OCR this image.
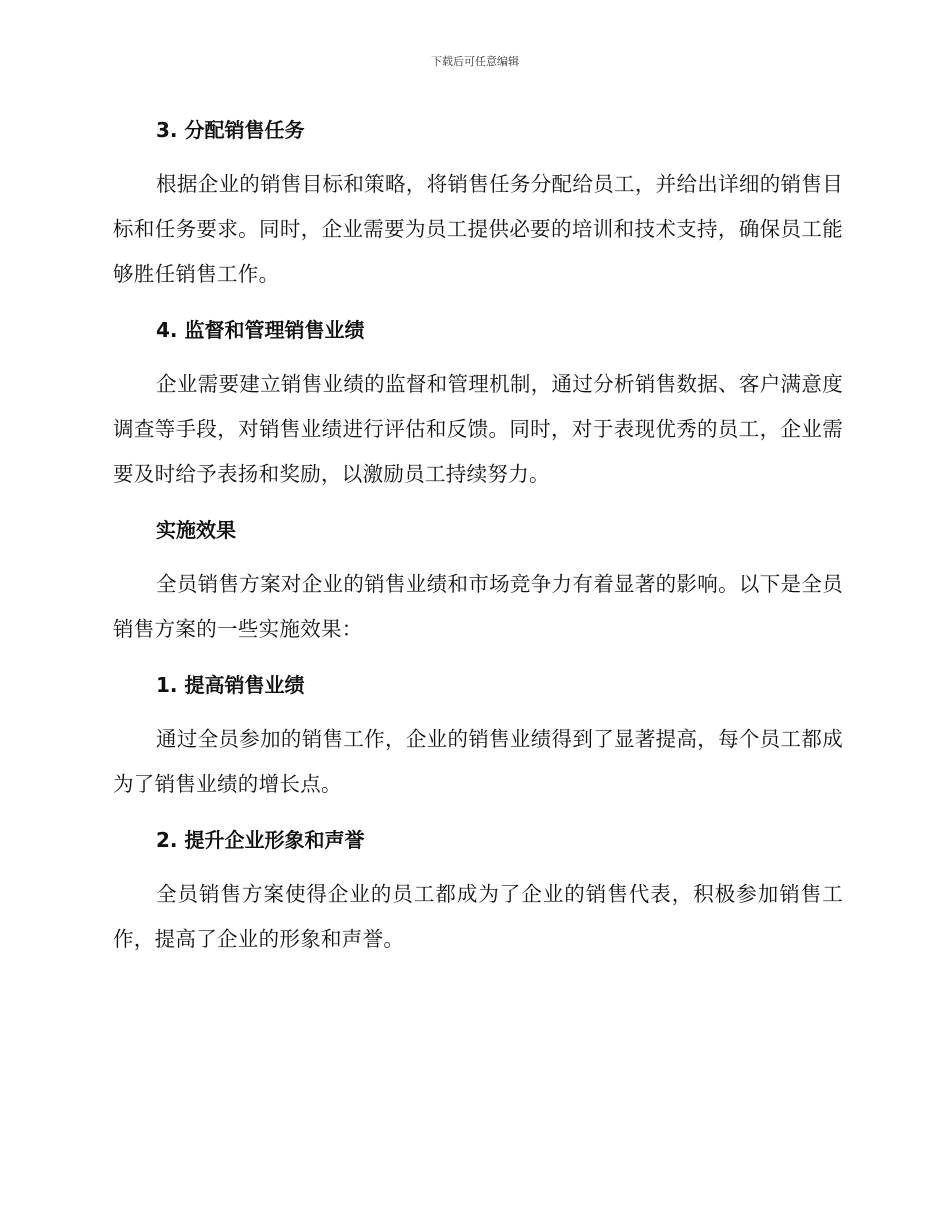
下载后可任意编辑
3. 分配销售任务

根据企业的销售目标和策略，将销售任务分配给员工，并给出详细的销售目标和任务要求。同时，企业需要为员工提供必要的培训和技术支持，确保员工能够胜任销售工作。

4. 监督和管理销售业绩

企业需要建立销售业绩的监督和管理机制，通过分析销售数据、客户满意度调查等手段，对销售业绩进行评估和反馈。同时，对于表现优秀的员工，企业需要及时给予表扬和奖励，以激励员工持续努力。

实施效果

全员销售方案对企业的销售业绩和市场竞争力有着显著的影响。以下是全员销售方案的一些实施效果：

1. 提高销售业绩

通过全员参加的销售工作，企业的销售业绩得到了显著提高，每个员工都成为了销售业绩的增长点。

2. 提升企业形象和声誉

全员销售方案使得企业的员工都成为了企业的销售代表，积极参加销售工作，提高了企业的形象和声誉。
